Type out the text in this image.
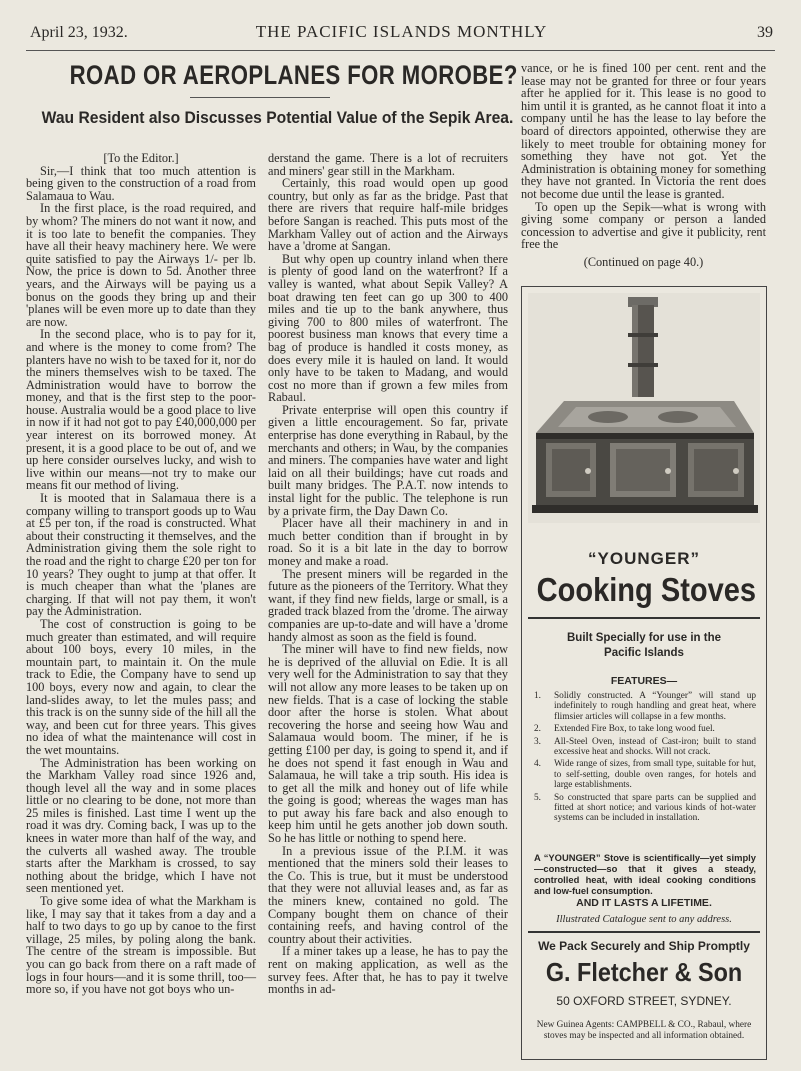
April 23, 1932.	THE PACIFIC ISLANDS MONTHLY	39
ROAD OR AEROPLANES FOR MOROBE?
Wau Resident also Discusses Potential Value of the Sepik Area.

[To the Editor.]

Sir,—I think that too much attention is being given to the construction of a road from Salamaua to Wau.

In the first place, is the road required, and by whom? The miners do not want it now, and it is too late to benefit the companies. They have all their heavy machinery here. We were quite satisfied to pay the Airways 1/- per lb. Now, the price is down to 5d. Another three years, and the Airways will be paying us a bonus on the goods they bring up and their 'planes will be even more up to date than they are now.

In the second place, who is to pay for it, and where is the money to come from? The planters have no wish to be taxed for it, nor do the miners themselves wish to be taxed. The Administration would have to borrow the money, and that is the first step to the poor-house. Australia would be a good place to live in now if it had not got to pay £40,000,000 per year interest on its borrowed money. At present, it is a good place to be out of, and we up here consider ourselves lucky, and wish to live within our means—not try to make our means fit our method of living.

It is mooted that in Salamaua there is a company willing to transport goods up to Wau at £5 per ton, if the road is constructed. What about their constructing it themselves, and the Administration giving them the sole right to the road and the right to charge £20 per ton for 10 years? They ought to jump at that offer. It is much cheaper than what the 'planes are charging. If that will not pay them, it won't pay the Administration.

The cost of construction is going to be much greater than estimated, and will require about 100 boys, every 10 miles, in the mountain part, to maintain it. On the mule track to Edie, the Company have to send up 100 boys, every now and again, to clear the land-slides away, to let the mules pass; and this track is on the sunny side of the hill all the way, and been cut for three years. This gives no idea of what the maintenance will cost in the wet mountains.

The Administration has been working on the Markham Valley road since 1926 and, though level all the way and in some places little or no clearing to be done, not more than 25 miles is finished. Last time I went up the road it was dry. Coming back, I was up to the knees in water more than half of the way, and the culverts all washed away. The trouble starts after the Markham is crossed, to say nothing about the bridge, which I have not seen mentioned yet.

To give some idea of what the Markham is like, I may say that it takes from a day and a half to two days to go up by canoe to the first village, 25 miles, by poling along the bank. The centre of the stream is impossible. But you can go back from there on a raft made of logs in four hours—and it is some thrill, too—more so, if you have not got boys who un-

derstand the game. There is a lot of recruiters and miners' gear still in the Markham.

Certainly, this road would open up good country, but only as far as the bridge. Past that there are rivers that require half-mile bridges before Sangan is reached. This puts most of the Markham Valley out of action and the Airways have a 'drome at Sangan.

But why open up country inland when there is plenty of good land on the waterfront? If a valley is wanted, what about Sepik Valley? A boat drawing ten feet can go up 300 to 400 miles and tie up to the bank anywhere, thus giving 700 to 800 miles of waterfront. The poorest business man knows that every time a bag of produce is handled it costs money, as does every mile it is hauled on land. It would only have to be taken to Madang, and would cost no more than if grown a few miles from Rabaul.

Private enterprise will open this country if given a little encouragement. So far, private enterprise has done everything in Rabaul, by the merchants and others; in Wau, by the companies and miners. The companies have water and light laid on all their buildings; have cut roads and built many bridges. The P.A.T. now intends to instal light for the public. The telephone is run by a private firm, the Day Dawn Co.

Placer have all their machinery in and in much better condition than if brought in by road. So it is a bit late in the day to borrow money and make a road.

The present miners will be regarded in the future as the pioneers of the Territory. What they want, if they find new fields, large or small, is a graded track blazed from the 'drome. The airway companies are up-to-date and will have a 'drome handy almost as soon as the field is found.

The miner will have to find new fields, now he is deprived of the alluvial on Edie. It is all very well for the Administration to say that they will not allow any more leases to be taken up on new fields. That is a case of locking the stable door after the horse is stolen. What about recovering the horse and seeing how Wau and Salamaua would boom. The miner, if he is getting £100 per day, is going to spend it, and if he does not spend it fast enough in Wau and Salamaua, he will take a trip south. His idea is to get all the milk and honey out of life while the going is good; whereas the wages man has to put away his fare back and also enough to keep him until he gets another job down south. So he has little or nothing to spend here.

In a previous issue of the P.I.M. it was mentioned that the miners sold their leases to the Co. This is true, but it must be understood that they were not alluvial leases and, as far as the miners knew, contained no gold. The Company bought them on chance of their containing reefs, and having control of the country about their activities.

If a miner takes up a lease, he has to pay the rent on making application, as well as the survey fees. After that, he has to pay it twelve months in ad-

vance, or he is fined 100 per cent. rent and the lease may not be granted for three or four years after he applied for it. This lease is no good to him until it is granted, as he cannot float it into a company until he has the lease to lay before the board of directors appointed, otherwise they are likely to meet trouble for obtaining money for something they have not got. Yet the Administration is obtaining money for something they have not granted. In Victoria the rent does not become due until the lease is granted.

To open up the Sepik—what is wrong with giving some company or person a landed concession to advertise and give it publicity, rent free the

(Continued on page 40.)

“YOUNGER”
Cooking Stoves
Built Specially for use in the
Pacific Islands
FEATURES—
1.	Solidly constructed. A “Younger” will stand up indefinitely to rough handling and great heat, where flimsier articles will collapse in a few months.
2.	Extended Fire Box, to take long wood fuel.
3.	All-Steel Oven, instead of Cast-iron; built to stand excessive heat and shocks. Will not crack.
4.	Wide range of sizes, from small type, suitable for hut, to self-setting, double oven ranges, for hotels and large establishments.
5.	So constructed that spare parts can be supplied and fitted at short notice; and various kinds of hot-water systems can be included in installation.
A “YOUNGER” Stove is scientifically—yet simply—constructed—so that it gives a steady, controlled heat, with ideal cooking conditions and low-fuel consumption.
AND IT LASTS A LIFETIME.
Illustrated Catalogue sent to any address.
We Pack Securely and Ship Promptly
G. Fletcher & Son
50 OXFORD STREET, SYDNEY.
New Guinea Agents: CAMPBELL & CO., Rabaul, where stoves may be inspected and all information obtained.
